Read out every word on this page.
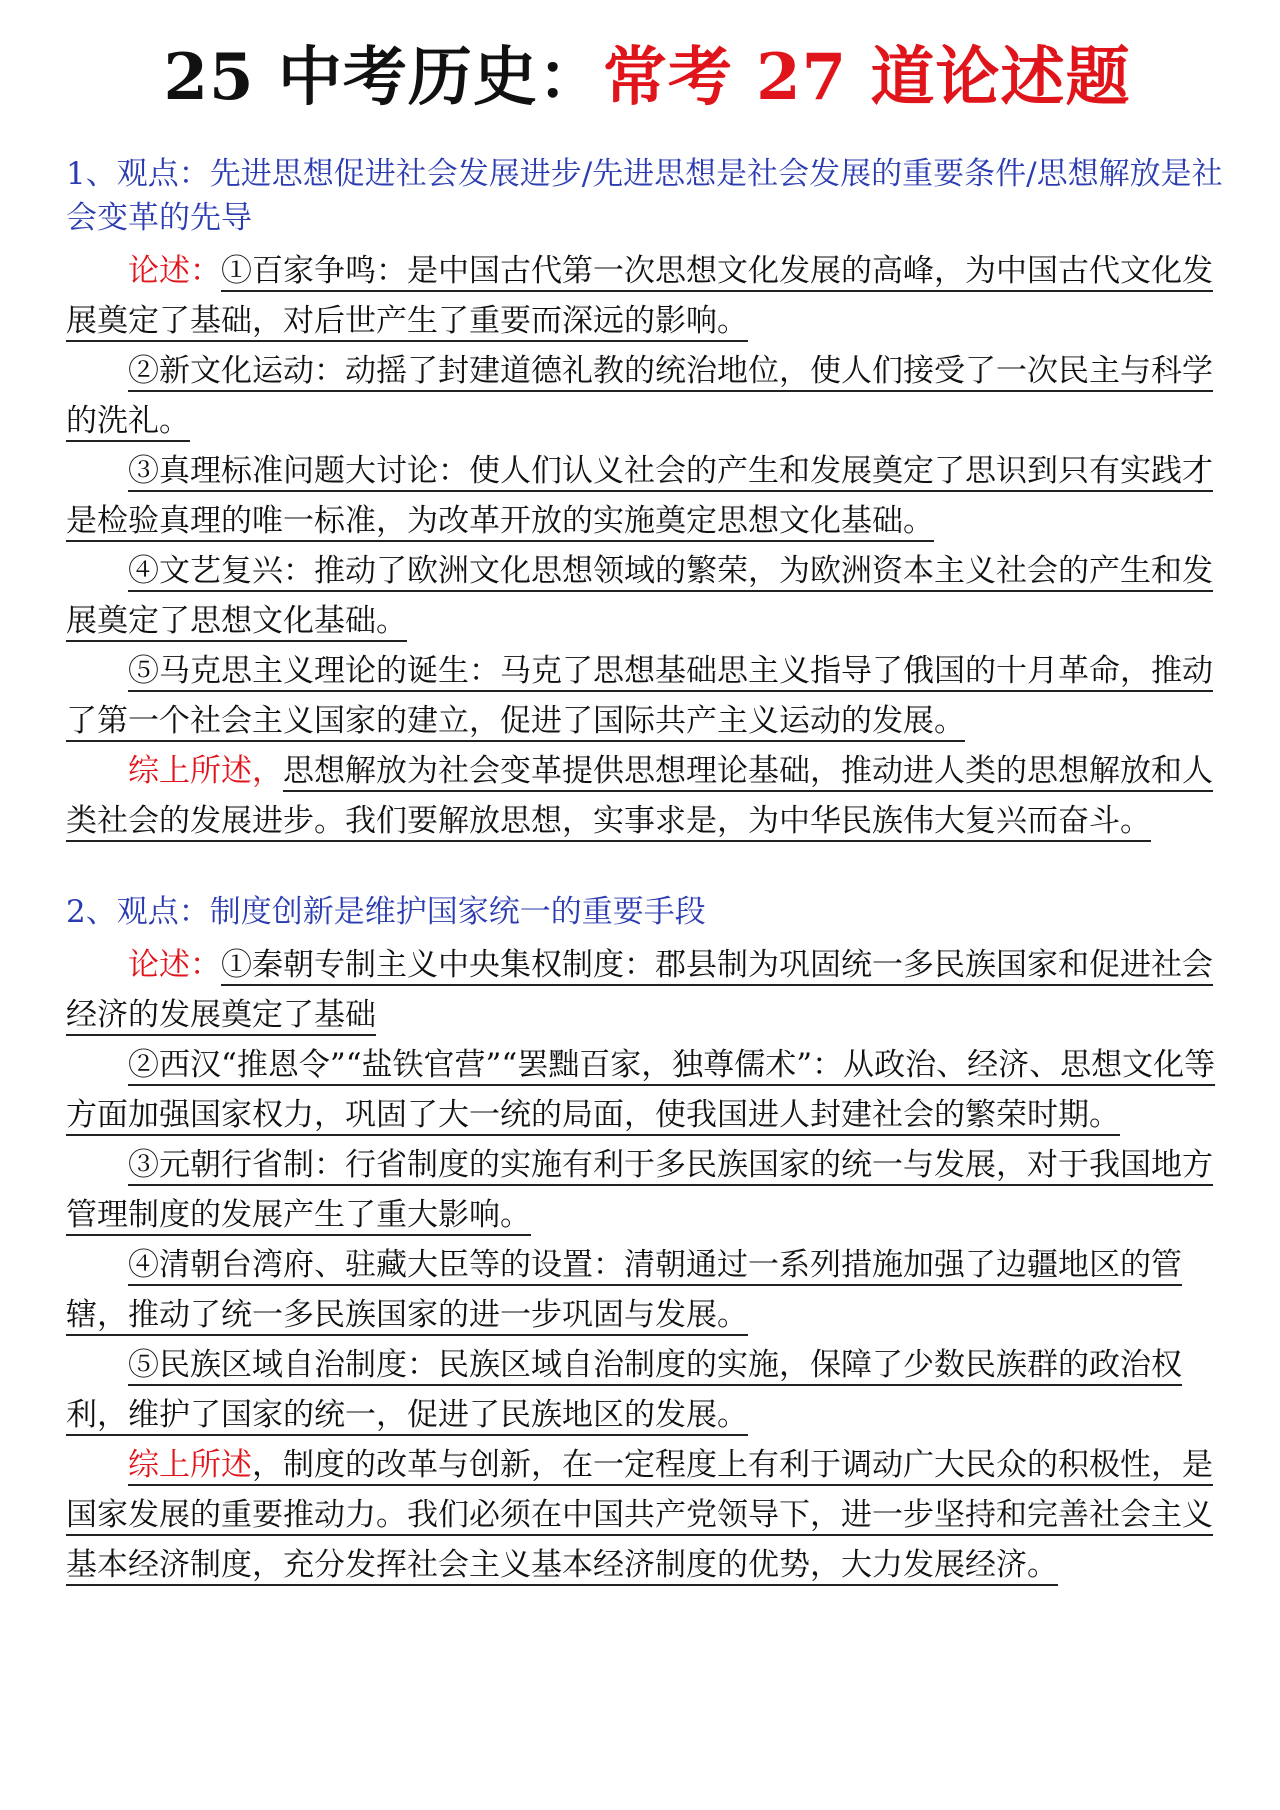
25 中考历史：常考 27 道论述题

1、观点：先进思想促进社会发展进步/先进思想是社会发展的重要条件/思想解放是社会变革的先导

论述：①百家争鸣：是中国古代第一次思想文化发展的高峰，为中国古代文化发展奠定了基础，对后世产生了重要而深远的影响。

②新文化运动：动摇了封建道德礼教的统治地位，使人们接受了一次民主与科学的洗礼。

③真理标准问题大讨论：使人们认义社会的产生和发展奠定了思识到只有实践才是检验真理的唯一标准，为改革开放的实施奠定思想文化基础。

④文艺复兴：推动了欧洲文化思想领域的繁荣，为欧洲资本主义社会的产生和发展奠定了思想文化基础。

⑤马克思主义理论的诞生：马克了思想基础思主义指导了俄国的十月革命，推动了第一个社会主义国家的建立，促进了国际共产主义运动的发展。

综上所述，思想解放为社会变革提供思想理论基础，推动进人类的思想解放和人类社会的发展进步。我们要解放思想，实事求是，为中华民族伟大复兴而奋斗。

2、观点：制度创新是维护国家统一的重要手段

论述：①秦朝专制主义中央集权制度：郡县制为巩固统一多民族国家和促进社会经济的发展奠定了基础

②西汉“推恩令”“盐铁官营”“罢黜百家，独尊儒术”：从政治、经济、思想文化等方面加强国家权力，巩固了大一统的局面，使我国进人封建社会的繁荣时期。

③元朝行省制：行省制度的实施有利于多民族国家的统一与发展，对于我国地方管理制度的发展产生了重大影响。

④清朝台湾府、驻藏大臣等的设置：清朝通过一系列措施加强了边疆地区的管辖，推动了统一多民族国家的进一步巩固与发展。

⑤民族区域自治制度：民族区域自治制度的实施，保障了少数民族群的政治权利，维护了国家的统一，促进了民族地区的发展。

综上所述，制度的改革与创新，在一定程度上有利于调动广大民众的积极性，是国家发展的重要推动力。我们必须在中国共产党领导下，进一步坚持和完善社会主义基本经济制度，充分发挥社会主义基本经济制度的优势，大力发展经济。
